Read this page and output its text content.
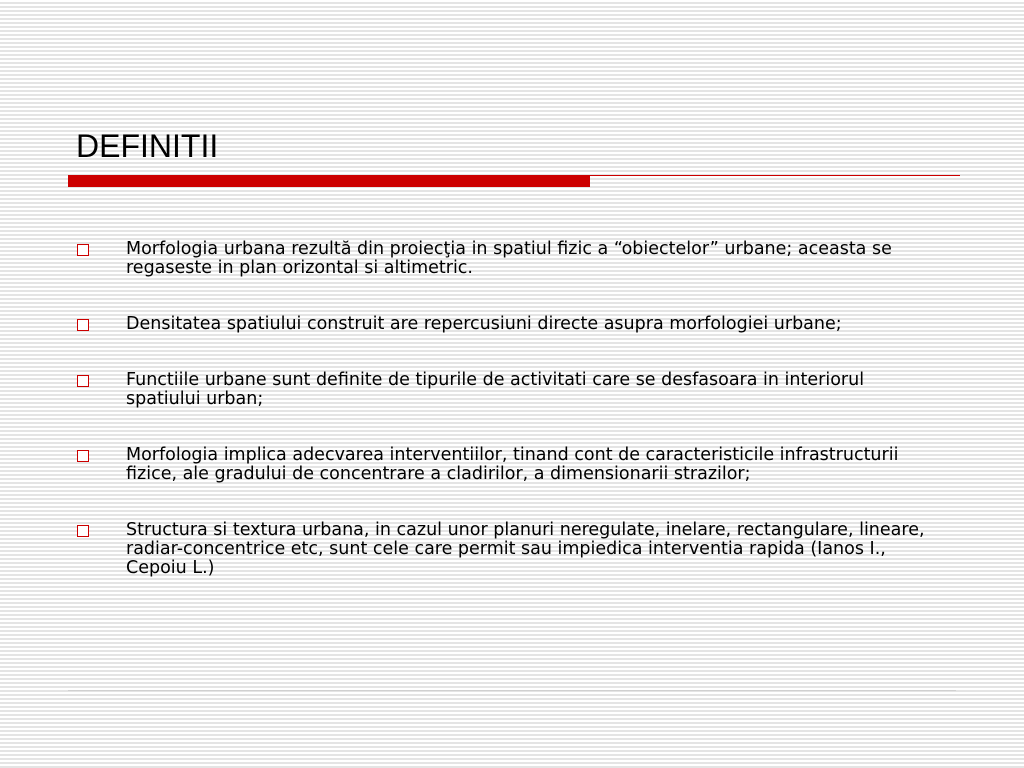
DEFINITII
Morfologia urbana rezultă din proiecţia in spatiul fizic a “obiectelor” urbane; aceasta se regaseste in plan orizontal si altimetric.
Densitatea spatiului construit are repercusiuni directe asupra morfologiei urbane;
Functiile urbane sunt definite de tipurile de activitati care se desfasoara in interiorul spatiului urban;
Morfologia implica adecvarea interventiilor, tinand cont de caracteristicile infrastructurii fizice, ale gradului de concentrare a cladirilor, a dimensionarii strazilor;
Structura si textura urbana, in cazul unor planuri neregulate, inelare, rectangulare, lineare, radiar-concentrice etc, sunt cele care permit sau impiedica interventia rapida (Ianos I., Cepoiu L.)
